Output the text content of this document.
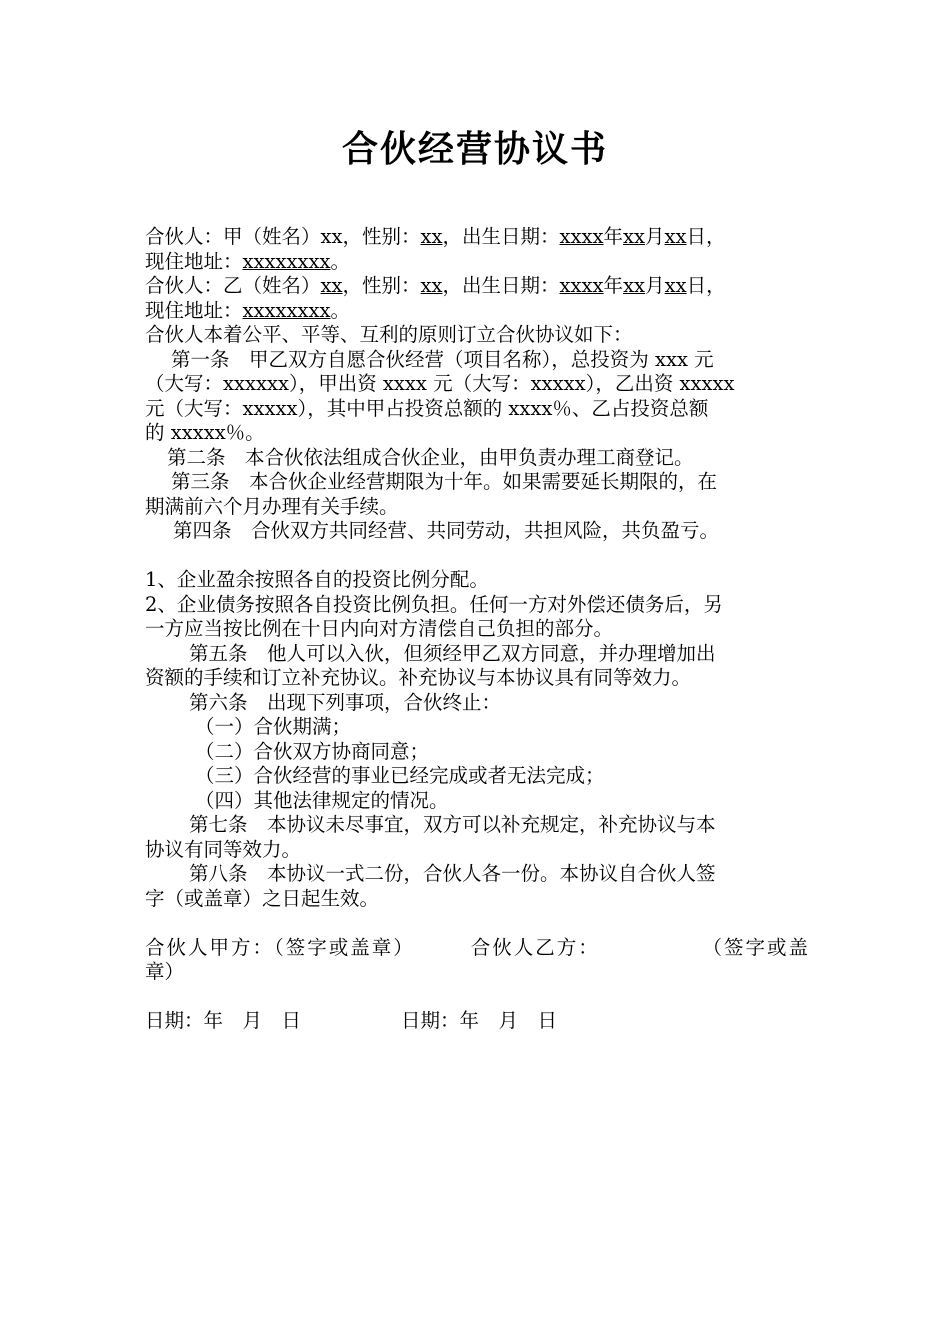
合伙经营协议书
合伙人：甲（姓名）xx，性别：xx，出生日期：xxxx年xx月xx日，
现住地址：xxxxxxxx。
合伙人：乙（姓名）xx，性别：xx，出生日期：xxxx年xx月xx日，
现住地址：xxxxxxxx。
合伙人本着公平、平等、互利的原则订立合伙协议如下：
第一条　甲乙双方自愿合伙经营（项目名称），总投资为 xxx 元
（大写：xxxxxx），甲出资 xxxx 元（大写：xxxxx），乙出资 xxxxx
元（大写：xxxxx），其中甲占投资总额的 xxxx％、乙占投资总额
的 xxxxx％。
第二条　本合伙依法组成合伙企业，由甲负责办理工商登记。
第三条　本合伙企业经营期限为十年。如果需要延长期限的，在
期满前六个月办理有关手续。
第四条　合伙双方共同经营、共同劳动，共担风险，共负盈亏。
1、企业盈余按照各自的投资比例分配。
2、企业债务按照各自投资比例负担。任何一方对外偿还债务后，另
一方应当按比例在十日内向对方清偿自己负担的部分。
第五条　他人可以入伙，但须经甲乙双方同意，并办理增加出
资额的手续和订立补充协议。补充协议与本协议具有同等效力。
第六条　出现下列事项，合伙终止：
（一）合伙期满；
（二）合伙双方协商同意；
（三）合伙经营的事业已经完成或者无法完成；
（四）其他法律规定的情况。
第七条　本协议未尽事宜，双方可以补充规定，补充协议与本
协议有同等效力。
第八条　本协议一式二份，合伙人各一份。本协议自合伙人签
字（或盖章）之日起生效。
合伙人甲方：（签字或盖章）	合伙人乙方：	（签字或盖
章）
日期：年　月　日	日期：年　月　日
